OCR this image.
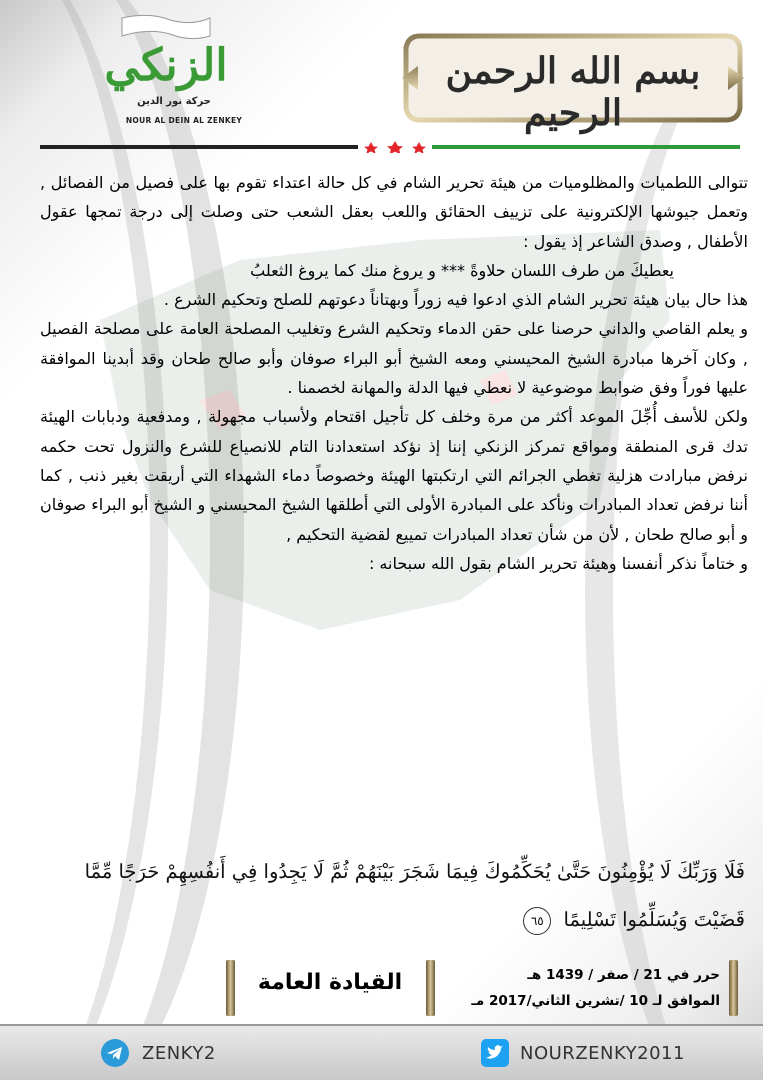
بسم الله الرحمن الرحيم
الزنكي
حركة نور الدين
NOUR AL DEIN AL ZENKEY

تتوالى اللطميات والمظلوميات من هيئة تحرير الشام في كل حالة اعتداء تقوم بها على فصيل من الفصائل , وتعمل جيوشها الإلكترونية على تزييف الحقائق واللعب بعقل الشعب حتى وصلت إلى درجة تمجها عقول الأطفال , وصدق الشاعر إذ يقول :

يعطيكَ من طرف اللسان حلاوةً *** و يروغ منك كما يروغ الثعلبُ

هذا حال بيان هيئة تحرير الشام الذي ادعوا فيه زوراً وبهتاناً دعوتهم للصلح وتحكيم الشرع .

و يعلم القاصي والداني حرصنا على حقن الدماء وتحكيم الشرع وتغليب المصلحة العامة على مصلحة الفصيل , وكان آخرها مبادرة الشيخ المحيسني ومعه الشيخ أبو البراء صوفان وأبو صالح طحان وقد أبدينا الموافقة عليها فوراً وفق ضوابط موضوعية لا نعطي فيها الدلة والمهانة لخصمنا .

ولكن للأسف أُجِّلَ الموعد أكثر من مرة وخلف كل تأجيل اقتحام ولأسباب مجهولة , ومدفعية ودبابات الهيئة تدك قرى المنطقة ومواقع تمركز الزنكي إننا إذ نؤكد استعدادنا التام للانصياع للشرع والنزول تحت حكمه نرفض مبارادت هزلية تغطي الجرائم التي ارتكبتها الهيئة وخصوصاً دماء الشهداء التي أريقت بغير ذنب , كما أننا نرفض تعداد المبادرات ونأكد على المبادرة الأولى التي أطلقها الشيخ المحيسني و الشيخ أبو البراء صوفان و أبو صالح طحان , لأن من شأن تعداد المبادرات تمييع لقضية التحكيم ,

و ختاماً نذكر أنفسنا وهيئة تحرير الشام بقول الله سبحانه :

فَلَا وَرَبِّكَ لَا يُؤْمِنُونَ حَتَّىٰ يُحَكِّمُوكَ فِيمَا شَجَرَ بَيْنَهُمْ ثُمَّ لَا يَجِدُوا فِي أَنفُسِهِمْ حَرَجًا مِّمَّا قَضَيْتَ وَيُسَلِّمُوا تَسْلِيمًا ٦٥
حرر في 21 / صفر / 1439 هـ
الموافق لـ 10 /تشرين الثاني/2017 مـ
القيادة العامة
ZENKY2	NOURZENKY2011
